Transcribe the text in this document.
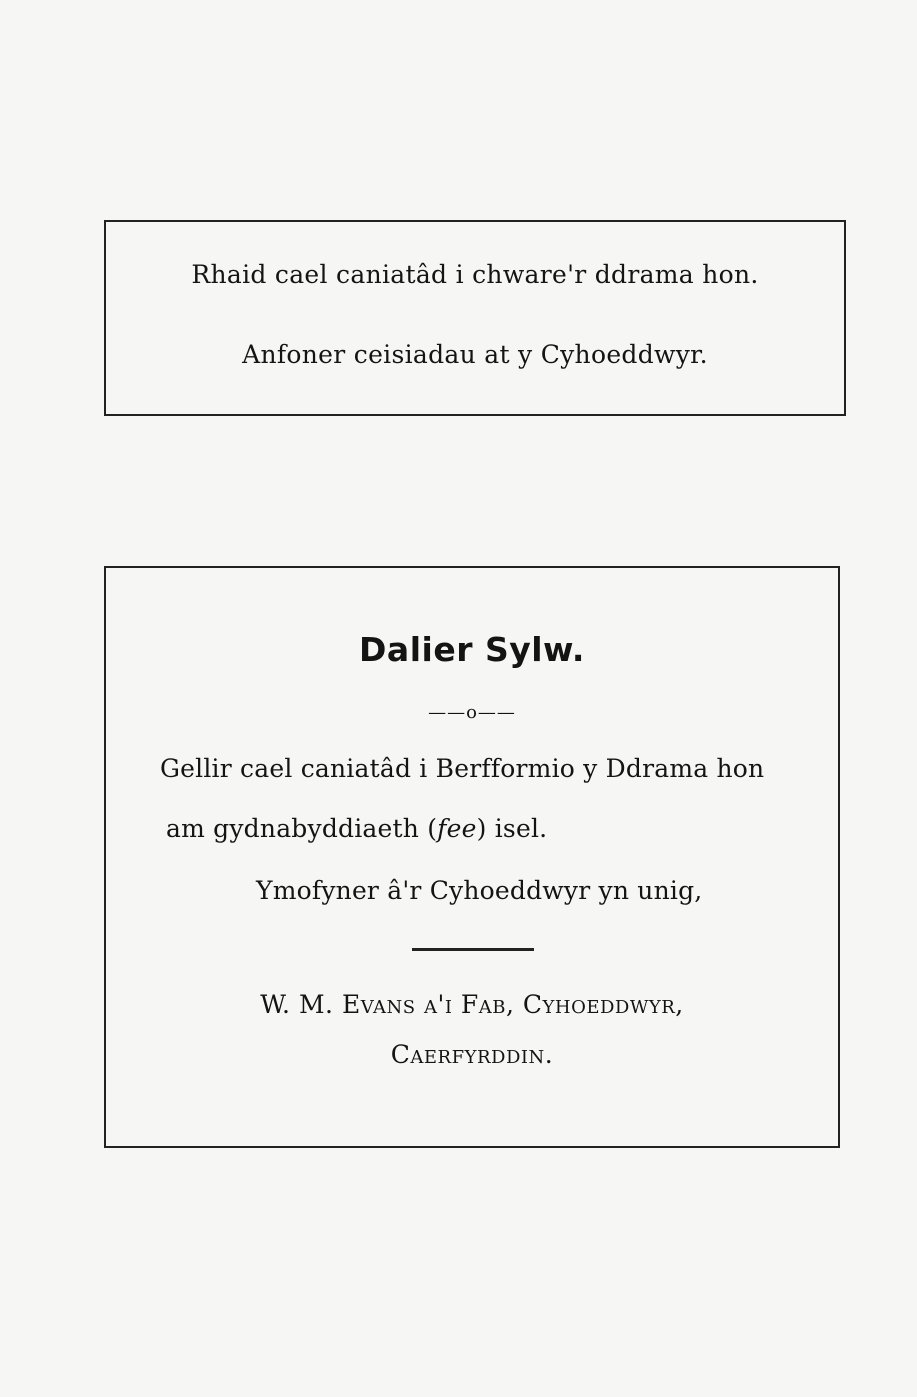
Rhaid cael caniatâd i chware'r ddrama hon.
Anfoner ceisiadau at y Cyhoeddwyr.
Dalier Sylw.
——o——
Gellir cael caniatâd i Berfformio y Ddrama hon
am gydnabyddiaeth (fee) isel.
Ymofyner â'r Cyhoeddwyr yn unig,
W. M. Evans a'i Fab, Cyhoeddwyr,
Caerfyrddin.
